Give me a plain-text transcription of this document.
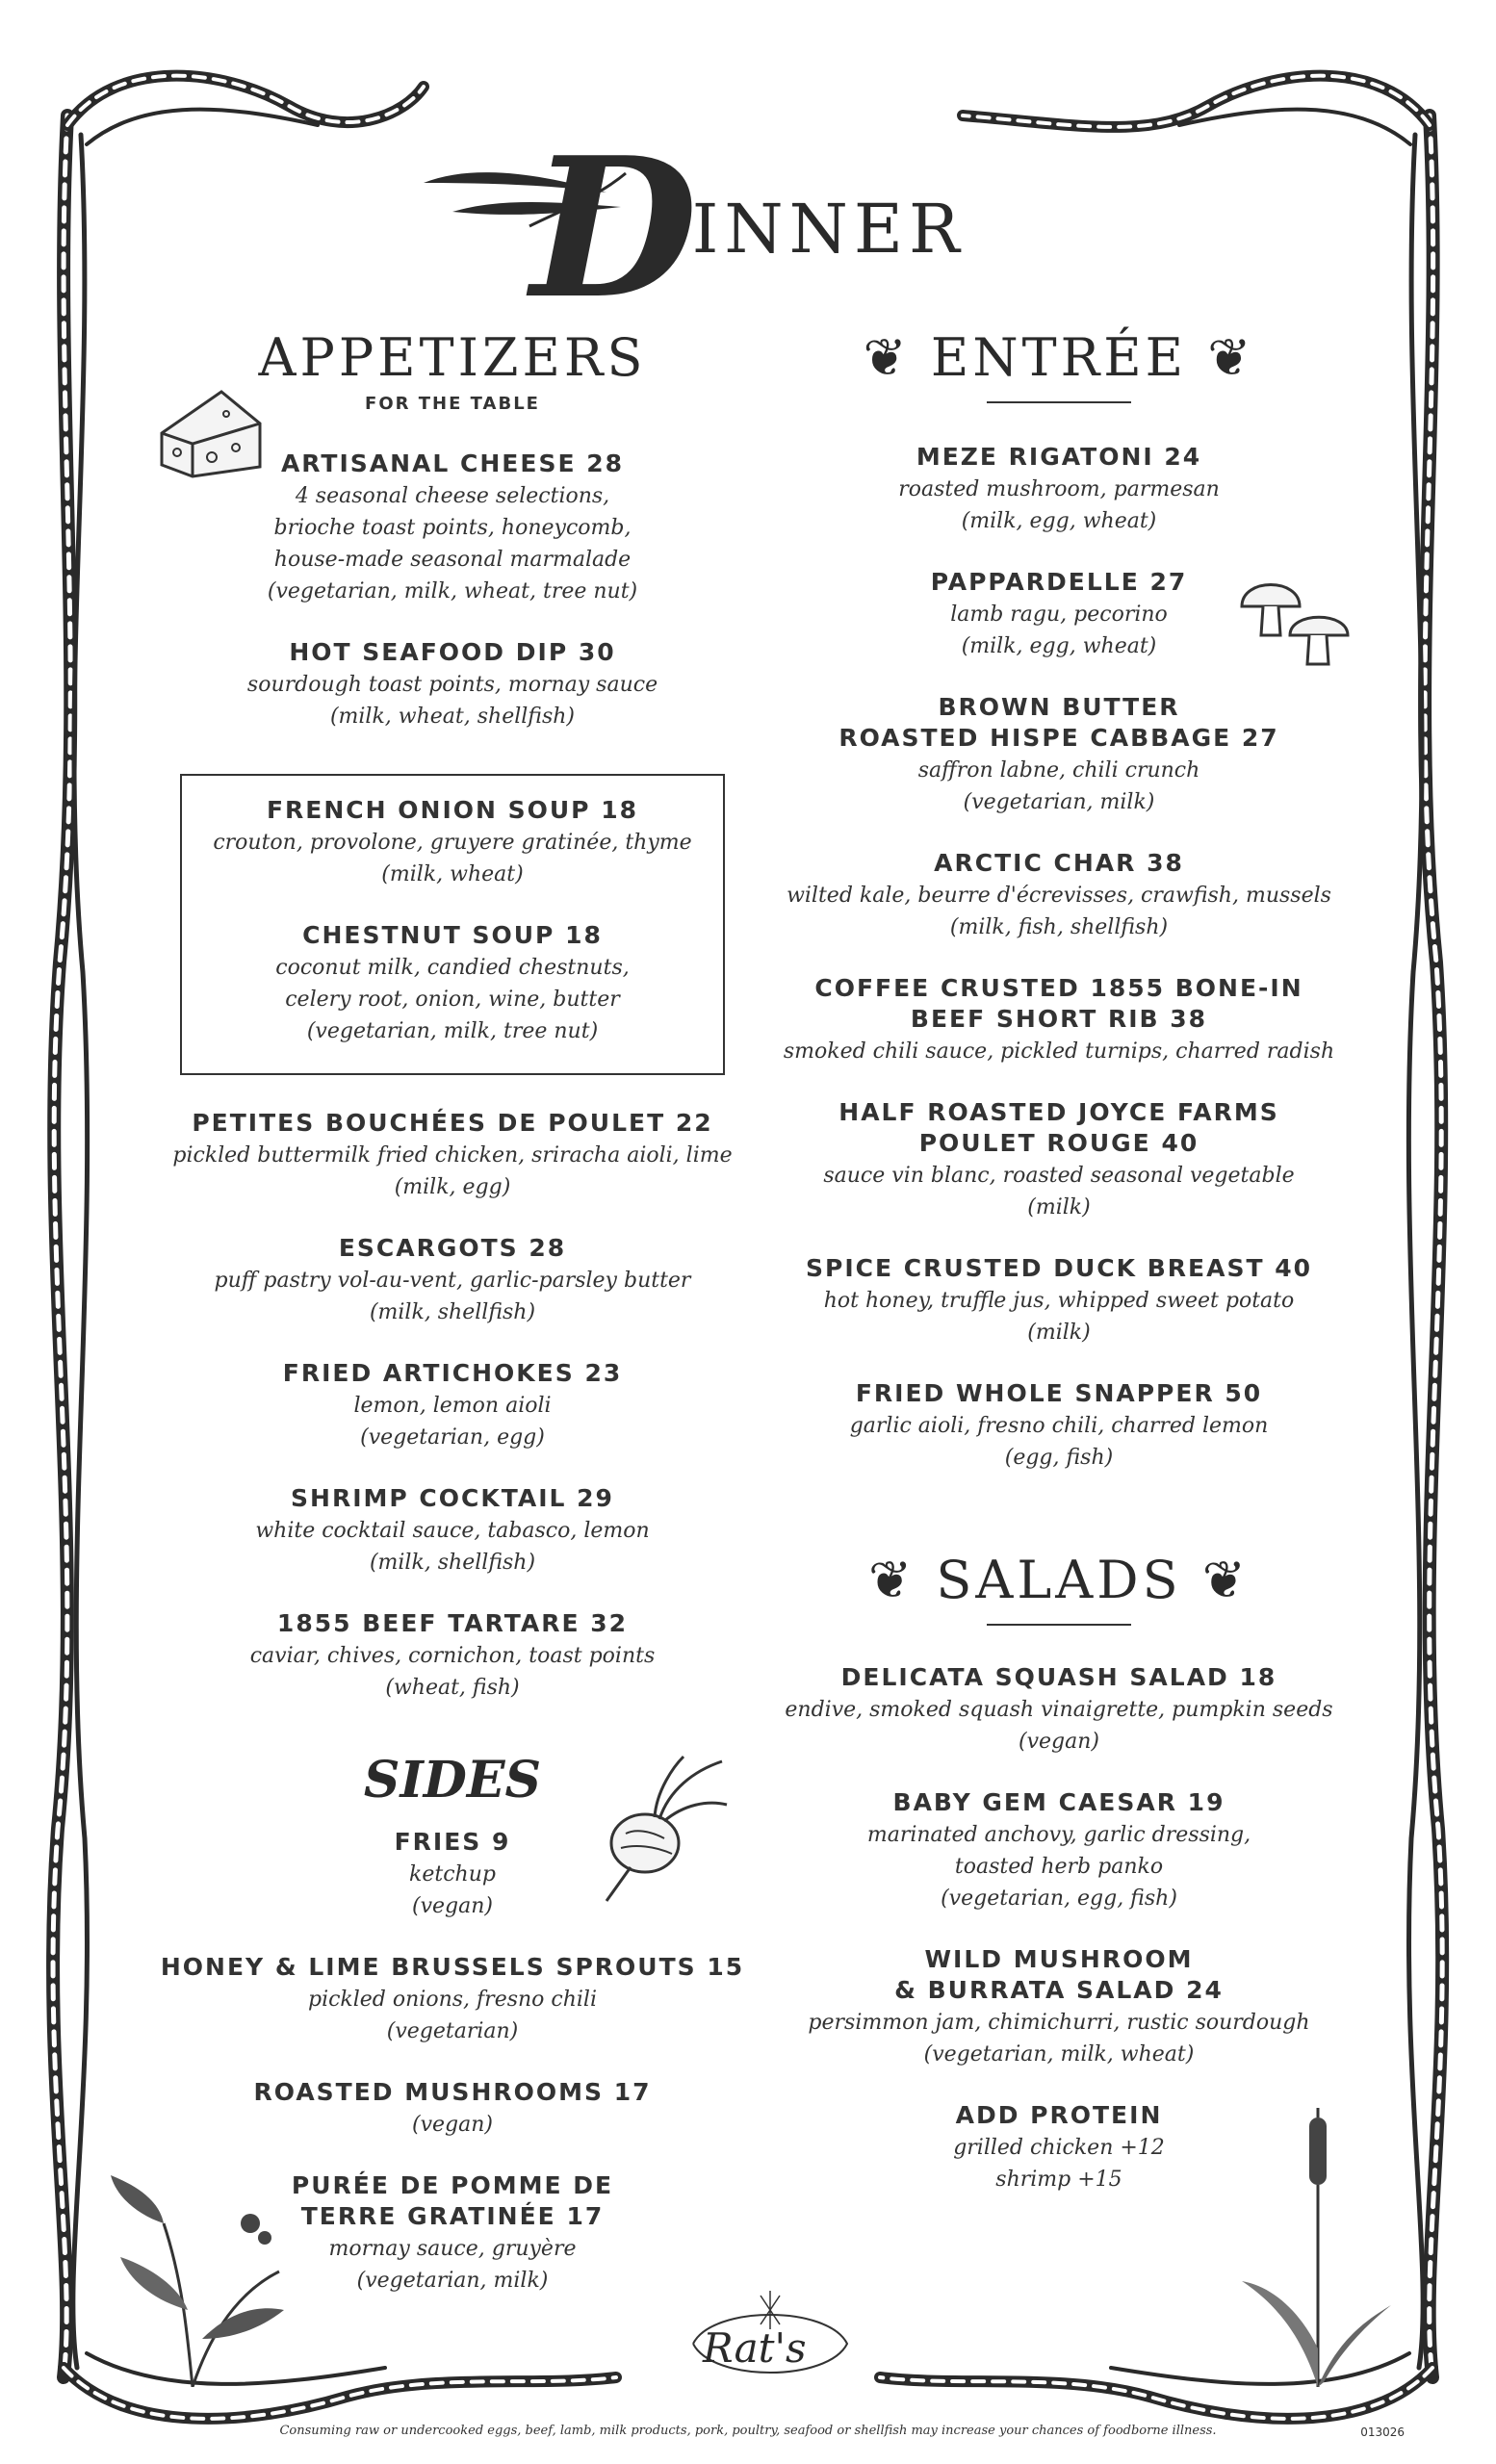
DINNER
APPETIZERS
FOR THE TABLE
ARTISANAL CHEESE 28
4 seasonal cheese selections,
brioche toast points, honeycomb,
house-made seasonal marmalade
(vegetarian, milk, wheat, tree nut)
HOT SEAFOOD DIP 30
sourdough toast points, mornay sauce
(milk, wheat, shellfish)
FRENCH ONION SOUP 18
crouton, provolone, gruyere gratinée, thyme
(milk, wheat)
CHESTNUT SOUP 18
coconut milk, candied chestnuts,
celery root, onion, wine, butter
(vegetarian, milk, tree nut)
PETITES BOUCHÉES DE POULET 22
pickled buttermilk fried chicken, sriracha aioli, lime
(milk, egg)
ESCARGOTS 28
puff pastry vol-au-vent, garlic-parsley butter
(milk, shellfish)
FRIED ARTICHOKES 23
lemon, lemon aioli
(vegetarian, egg)
SHRIMP COCKTAIL 29
white cocktail sauce, tabasco, lemon
(milk, shellfish)
1855 BEEF TARTARE 32
caviar, chives, cornichon, toast points
(wheat, fish)
SIDES
FRIES 9
ketchup
(vegan)
HONEY & LIME BRUSSELS SPROUTS 15
pickled onions, fresno chili
(vegetarian)
ROASTED MUSHROOMS 17
(vegan)
PURÉE DE POMME DE
TERRE GRATINÉE 17
mornay sauce, gruyère
(vegetarian, milk)
❦ ENTRÉE ❦
MEZE RIGATONI 24
roasted mushroom, parmesan
(milk, egg, wheat)
PAPPARDELLE 27
lamb ragu, pecorino
(milk, egg, wheat)
BROWN BUTTER
ROASTED HISPE CABBAGE 27
saffron labne, chili crunch
(vegetarian, milk)
ARCTIC CHAR 38
wilted kale, beurre d'écrevisses, crawfish, mussels
(milk, fish, shellfish)
COFFEE CRUSTED 1855 BONE-IN
BEEF SHORT RIB 38
smoked chili sauce, pickled turnips, charred radish
HALF ROASTED JOYCE FARMS
POULET ROUGE 40
sauce vin blanc, roasted seasonal vegetable
(milk)
SPICE CRUSTED DUCK BREAST 40
hot honey, truffle jus, whipped sweet potato
(milk)
FRIED WHOLE SNAPPER 50
garlic aioli, fresno chili, charred lemon
(egg, fish)
❦ SALADS ❦
DELICATA SQUASH SALAD 18
endive, smoked squash vinaigrette, pumpkin seeds
(vegan)
BABY GEM CAESAR 19
marinated anchovy, garlic dressing,
toasted herb panko
(vegetarian, egg, fish)
WILD MUSHROOM
& BURRATA SALAD 24
persimmon jam, chimichurri, rustic sourdough
(vegetarian, milk, wheat)
ADD PROTEIN
grilled chicken +12
shrimp +15
Rat's
Consuming raw or undercooked eggs, beef, lamb, milk products, pork, poultry, seafood or shellfish may increase your chances of foodborne illness.	013026
